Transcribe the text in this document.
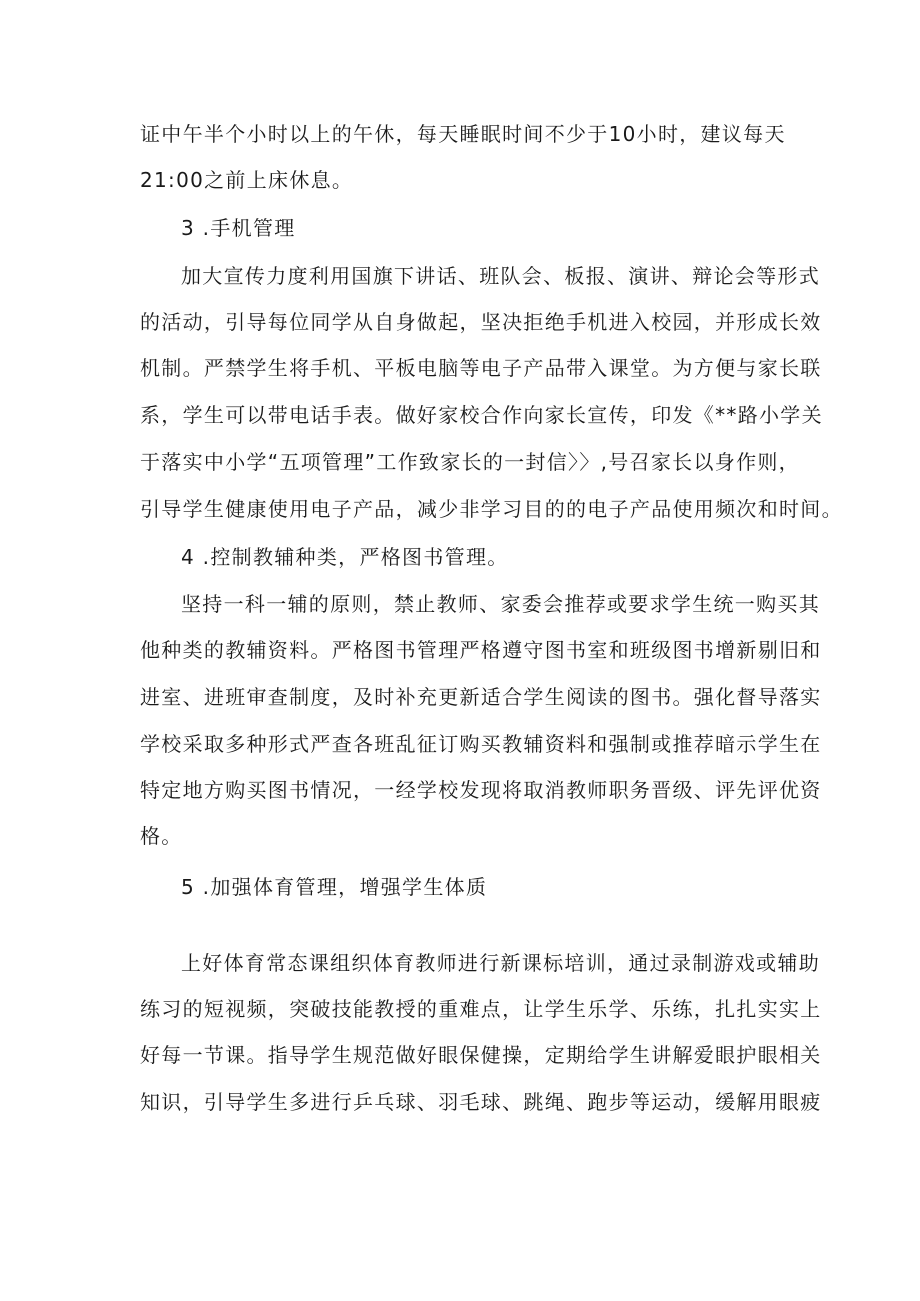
证中午半个小时以上的午休，每天睡眠时间不少于10小时，建议每天
21:00之前上床休息。
3 .手机管理
加大宣传力度利用国旗下讲话、班队会、板报、演讲、辩论会等形式
的活动，引导每位同学从自身做起，坚决拒绝手机进入校园，并形成长效
机制。严禁学生将手机、平板电脑等电子产品带入课堂。为方便与家长联
系，学生可以带电话手表。做好家校合作向家长宣传，印发《**路小学关
于落实中小学“五项管理”工作致家长的一封信〉〉,号召家长以身作则，
引导学生健康使用电子产品，减少非学习目的的电子产品使用频次和时间。
4 .控制教辅种类，严格图书管理。
坚持一科一辅的原则，禁止教师、家委会推荐或要求学生统一购买其
他种类的教辅资料。严格图书管理严格遵守图书室和班级图书增新剔旧和
进室、进班审查制度，及时补充更新适合学生阅读的图书。强化督导落实
学校采取多种形式严查各班乱征订购买教辅资料和强制或推荐暗示学生在
特定地方购买图书情况，一经学校发现将取消教师职务晋级、评先评优资
格。
5 .加强体育管理，增强学生体质
上好体育常态课组织体育教师进行新课标培训，通过录制游戏或辅助
练习的短视频，突破技能教授的重难点，让学生乐学、乐练，扎扎实实上
好每一节课。指导学生规范做好眼保健操，定期给学生讲解爱眼护眼相关
知识，引导学生多进行乒乓球、羽毛球、跳绳、跑步等运动，缓解用眼疲
